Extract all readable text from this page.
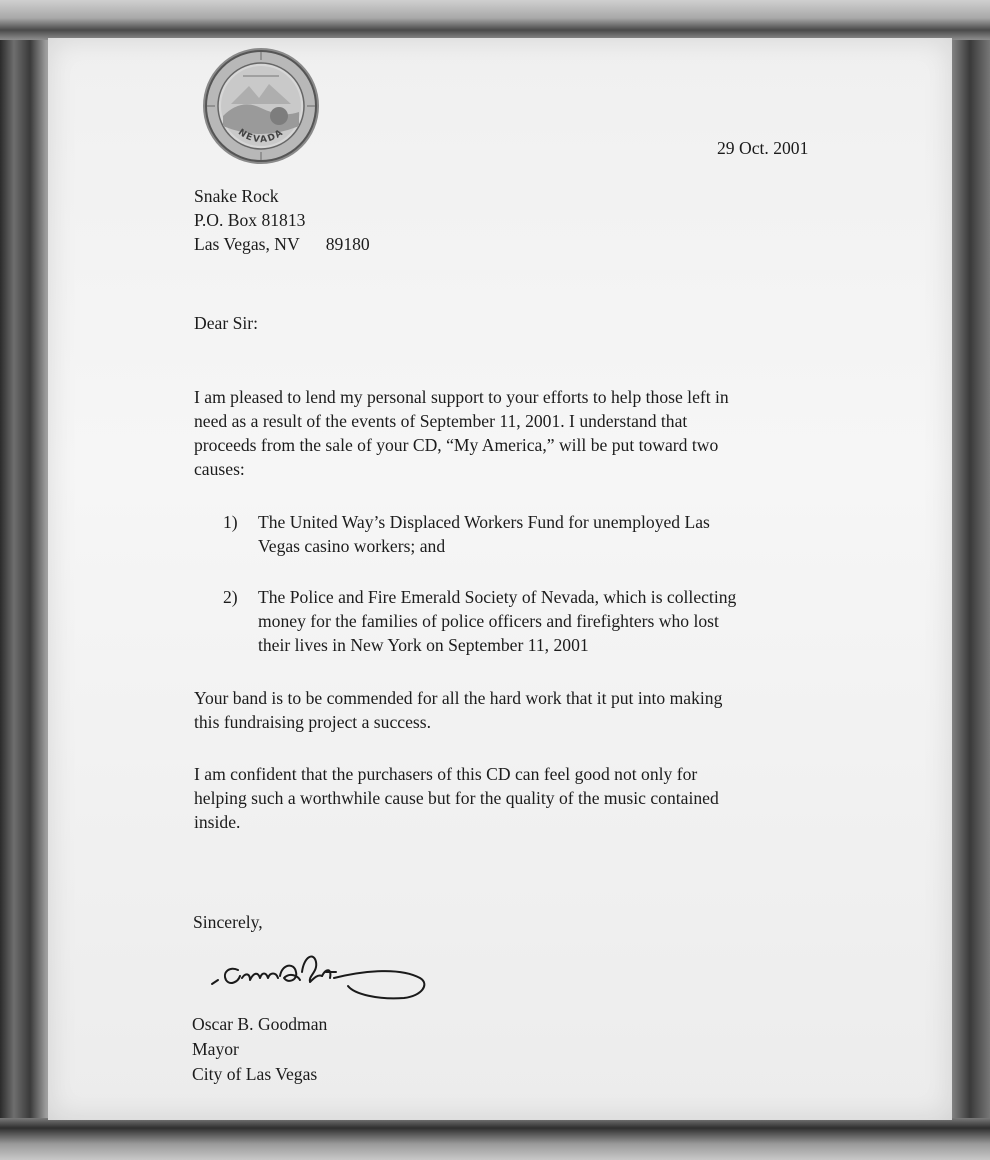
NEVADA
29 Oct. 2001
Snake Rock
P.O. Box 81813
Las Vegas, NV 89180
Dear Sir:
I am pleased to lend my personal support to your efforts to help those left in
need as a result of the events of September 11, 2001. I understand that
proceeds from the sale of your CD, “My America,” will be put toward two
causes:
1) The United Way’s Displaced Workers Fund for unemployed Las
Vegas casino workers; and
2) The Police and Fire Emerald Society of Nevada, which is collecting
money for the families of police officers and firefighters who lost
their lives in New York on September 11, 2001
Your band is to be commended for all the hard work that it put into making
this fundraising project a success.
I am confident that the purchasers of this CD can feel good not only for
helping such a worthwhile cause but for the quality of the music contained
inside.
Sincerely,
Oscar B. Goodman
Mayor
City of Las Vegas
